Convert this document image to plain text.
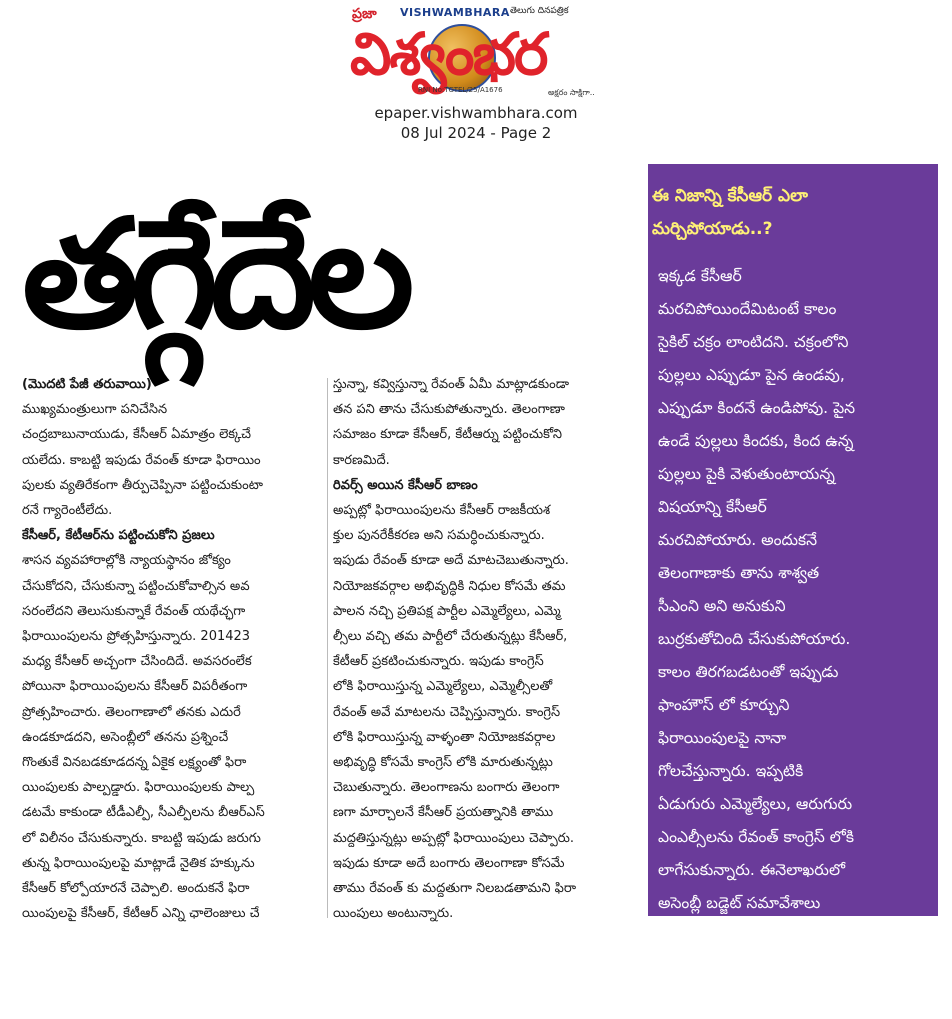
ప్రజా VISHWAMBHARA తెలుగు దినపత్రిక
విశ్వంభర
RNI No:TGTEL/25/A1676	అక్షరం సాక్షిగా..
epaper.vishwambhara.com
08 Jul 2024 - Page 2
తగ్గేదేల
(మొదటి పేజీ తరువాయి)
ముఖ్యమంత్రులుగా పనిచేసిన
చంద్రబాబునాయుడు, కేసీఆర్ ఏమాత్రం లెక్కచే
యలేదు. కాబట్టి ఇపుడు రేవంత్ కూడా ఫిరాయిం
పులకు వ్యతిరేకంగా తీర్పుచెప్పినా పట్టించుకుంటా
రనే గ్యారెంటీలేదు.
కేసీఆర్, కేటీఆర్‌ను పట్టించుకోని ప్రజలు
శాసన వ్యవహారాల్లోకి న్యాయస్థానం జోక్యం
చేసుకోదని, చేసుకున్నా పట్టించుకోవాల్సిన అవ
సరంలేదని తెలుసుకున్నాకే రేవంత్ యథేచ్ఛగా
ఫిరాయింపులను ప్రోత్సహిస్తున్నారు. 201423
మధ్య కేసీఆర్ అచ్చంగా చేసిందిదే. అవసరంలేక
పోయినా ఫిరాయింపులను కేసీఆర్ విపరీతంగా
ప్రోత్సహించారు. తెలంగాణాలో తనకు ఎదురే
ఉండకూడదని, అసెంబ్లీలో తనను ప్రశ్నించే
గొంతుకే వినబడకూడదన్న ఏకైక లక్ష్యంతో ఫిరా
యింపులకు పాల్పడ్డారు. ఫిరాయింపులకు పాల్ప
డటమే కాకుండా టీడీఎల్పీ, సీఎల్పీలను బీఆర్ఎస్
లో విలీనం చేసుకున్నారు. కాబట్టి ఇపుడు జరుగు
తున్న ఫిరాయింపులపై మాట్లాడే నైతిక హక్కును
కేసీఆర్ కోల్పోయారనే చెప్పాలి. అందుకనే ఫిరా
యింపులపై కేసీఆర్, కేటీఆర్ ఎన్ని ఛాలెంజులు చే
స్తున్నా, కవ్విస్తున్నా రేవంత్ ఏమీ మాట్లాడకుండా
తన పని తాను చేసుకుపోతున్నారు. తెలంగాణా
సమాజం కూడా కేసీఆర్, కేటీఆర్ను పట్టించుకోని
కారణమిదే.
రివర్స్ అయిన కేసీఆర్ బాణం
అప్పట్లో ఫిరాయింపులను కేసీఆర్ రాజకీయశ
క్తుల పునరేకీకరణ అని సమర్ధించుకున్నారు.
ఇపుడు రేవంత్ కూడా అదే మాటచెబుతున్నారు.
నియోజకవర్గాల అభివృద్ధికి నిధుల కోసమే తమ
పాలన నచ్చి ప్రతిపక్ష పార్టీల ఎమ్మెల్యేలు, ఎమ్మె
ల్సీలు వచ్చి తమ పార్టీలో చేరుతున్నట్లు కేసీఆర్,
కేటీఆర్ ప్రకటించుకున్నారు. ఇపుడు కాంగ్రెస్
లోకి ఫిరాయిస్తున్న ఎమ్మెల్యేలు, ఎమ్మెల్సీలతో
రేవంత్ అవే మాటలను చెప్పిస్తున్నారు. కాంగ్రెస్
లోకి ఫిరాయిస్తున్న వాళ్ళంతా నియోజకవర్గాల
అభివృద్ధి కోసమే కాంగ్రెస్ లోకి మారుతున్నట్లు
చెబుతున్నారు. తెలంగాణను బంగారు తెలంగా
ణగా మార్చాలనే కేసీఆర్ ప్రయత్నానికి తాము
మద్దతిస్తున్నట్లు అప్పట్లో ఫిరాయింపులు చెప్పారు.
ఇపుడు కూడా అదే బంగారు తెలంగాణా కోసమే
తాము రేవంత్ కు మద్దతుగా నిలబడతామని ఫిరా
యింపులు అంటున్నారు.
ఈ నిజాన్ని కేసీఆర్ ఎలా
మర్చిపోయాడు..?
ఇక్కడ కేసీఆర్
మరచిపోయిందేమిటంటే కాలం
సైకిల్ చక్రం లాంటిదని. చక్రంలోని
పుల్లలు ఎప్పుడూ పైన ఉండవు,
ఎప్పుడూ కిందనే ఉండిపోవు. పైన
ఉండే పుల్లలు కిందకు, కింద ఉన్న
పుల్లలు పైకి వెళుతుంటాయన్న
విషయాన్ని కేసీఆర్
మరచిపోయారు. అందుకనే
తెలంగాణాకు తాను శాశ్వత
సీఎంని అని అనుకుని
బుర్రకుతోచింది చేసుకుపోయారు.
కాలం తిరగబడటంతో ఇప్పుడు
ఫాంహౌస్ లో కూర్చుని
ఫిరాయింపులపై నానా
గోలచేస్తున్నారు. ఇప్పటికి
ఏడుగురు ఎమ్మెల్యేలు, ఆరుగురు
ఎంఎల్సీలను రేవంత్ కాంగ్రెస్ లోకి
లాగేసుకున్నారు. ఈనెలాఖరులో
అసెంబ్లీ బడ్జెట్ సమావేశాలు
మొదలయ్యేలోగా ఇంకెంతమంది
కారుపార్టీ ప్రజా ప్రతినిధులు
కాంగ్రెస్ లో చేరిపోతారో చూడాలి.
